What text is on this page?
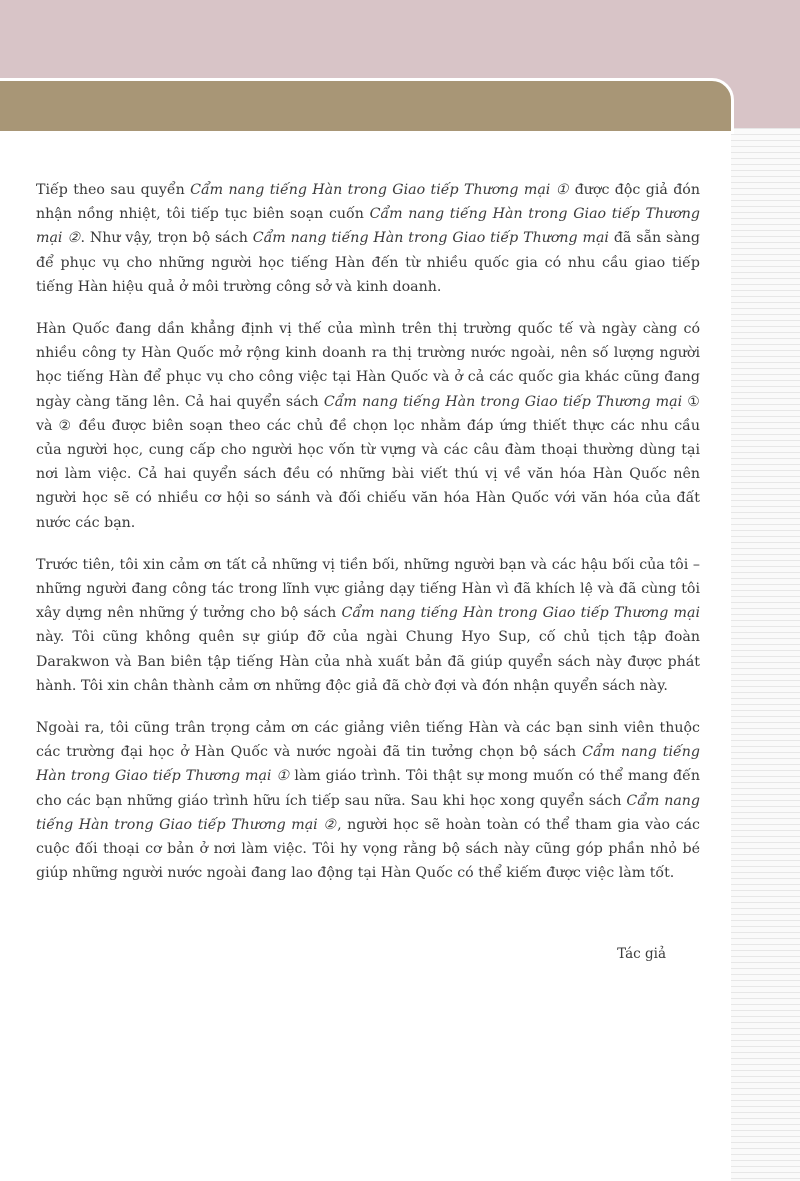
Tiếp theo sau quyển Cẩm nang tiếng Hàn trong Giao tiếp Thương mại ① được độc giả đón nhận nồng nhiệt, tôi tiếp tục biên soạn cuốn Cẩm nang tiếng Hàn trong Giao tiếp Thương mại ②. Như vậy, trọn bộ sách Cẩm nang tiếng Hàn trong Giao tiếp Thương mại đã sẵn sàng để phục vụ cho những người học tiếng Hàn đến từ nhiều quốc gia có nhu cầu giao tiếp tiếng Hàn hiệu quả ở môi trường công sở và kinh doanh.

Hàn Quốc đang dần khẳng định vị thế của mình trên thị trường quốc tế và ngày càng có nhiều công ty Hàn Quốc mở rộng kinh doanh ra thị trường nước ngoài, nên số lượng người học tiếng Hàn để phục vụ cho công việc tại Hàn Quốc và ở cả các quốc gia khác cũng đang ngày càng tăng lên. Cả hai quyển sách Cẩm nang tiếng Hàn trong Giao tiếp Thương mại ① và ② đều được biên soạn theo các chủ đề chọn lọc nhằm đáp ứng thiết thực các nhu cầu của người học, cung cấp cho người học vốn từ vựng và các câu đàm thoại thường dùng tại nơi làm việc. Cả hai quyển sách đều có những bài viết thú vị về văn hóa Hàn Quốc nên người học sẽ có nhiều cơ hội so sánh và đối chiếu văn hóa Hàn Quốc với văn hóa của đất nước các bạn.

Trước tiên, tôi xin cảm ơn tất cả những vị tiền bối, những người bạn và các hậu bối của tôi – những người đang công tác trong lĩnh vực giảng dạy tiếng Hàn vì đã khích lệ và đã cùng tôi xây dựng nên những ý tưởng cho bộ sách Cẩm nang tiếng Hàn trong Giao tiếp Thương mại này. Tôi cũng không quên sự giúp đỡ của ngài Chung Hyo Sup, cố chủ tịch tập đoàn Darakwon và Ban biên tập tiếng Hàn của nhà xuất bản đã giúp quyển sách này được phát hành. Tôi xin chân thành cảm ơn những độc giả đã chờ đợi và đón nhận quyển sách này.

Ngoài ra, tôi cũng trân trọng cảm ơn các giảng viên tiếng Hàn và các bạn sinh viên thuộc các trường đại học ở Hàn Quốc và nước ngoài đã tin tưởng chọn bộ sách Cẩm nang tiếng Hàn trong Giao tiếp Thương mại ① làm giáo trình. Tôi thật sự mong muốn có thể mang đến cho các bạn những giáo trình hữu ích tiếp sau nữa. Sau khi học xong quyển sách Cẩm nang tiếng Hàn trong Giao tiếp Thương mại ②, người học sẽ hoàn toàn có thể tham gia vào các cuộc đối thoại cơ bản ở nơi làm việc. Tôi hy vọng rằng bộ sách này cũng góp phần nhỏ bé giúp những người nước ngoài đang lao động tại Hàn Quốc có thể kiếm được việc làm tốt.

Tác giả
